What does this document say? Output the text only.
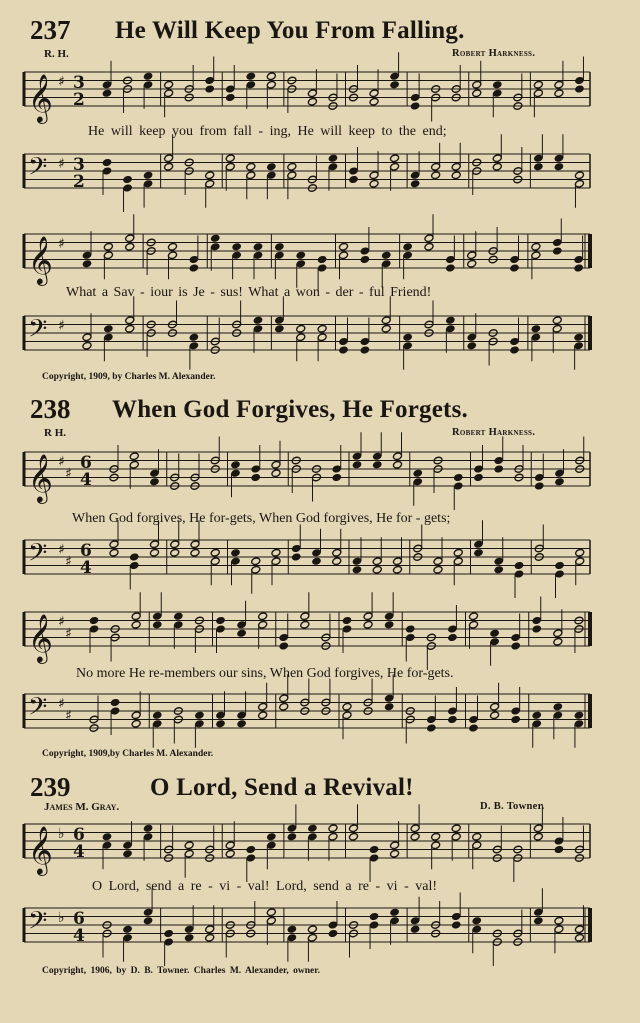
237 He Will Keep You From Falling.
R. H.	Robert Harkness.
𝄞 ♯ 3
2
He will keep you from fall - ing, He will keep to the end;
𝄢 ♯ 3
2
𝄞 ♯
What a Sav - iour is Je - sus! What a won - der - ful Friend!
𝄢 ♯
Copyright, 1909, by Charles M. Alexander.
238 When God Forgives, He Forgets.
R H.	Robert Harkness.
𝄞 ♯
♯
6
4
When God forgives, He for-gets, When God forgives, He for - gets;
𝄢 ♯
♯
6
4
𝄞 ♯
♯
No more He re-members our sins, When God forgives, He for-gets.
𝄢 ♯
♯
Copyright, 1909,by Charles M. Alexander.
239	O Lord, Send a Revival!
James M. Gray.	D. B. Towner.
𝄞 ♭ 6
4
O Lord, send a re - vi - val! Lord, send a re - vi - val!
𝄢 ♭ 6
4
Copyright, 1906, by D. B. Towner. Charles M. Alexander, owner.
